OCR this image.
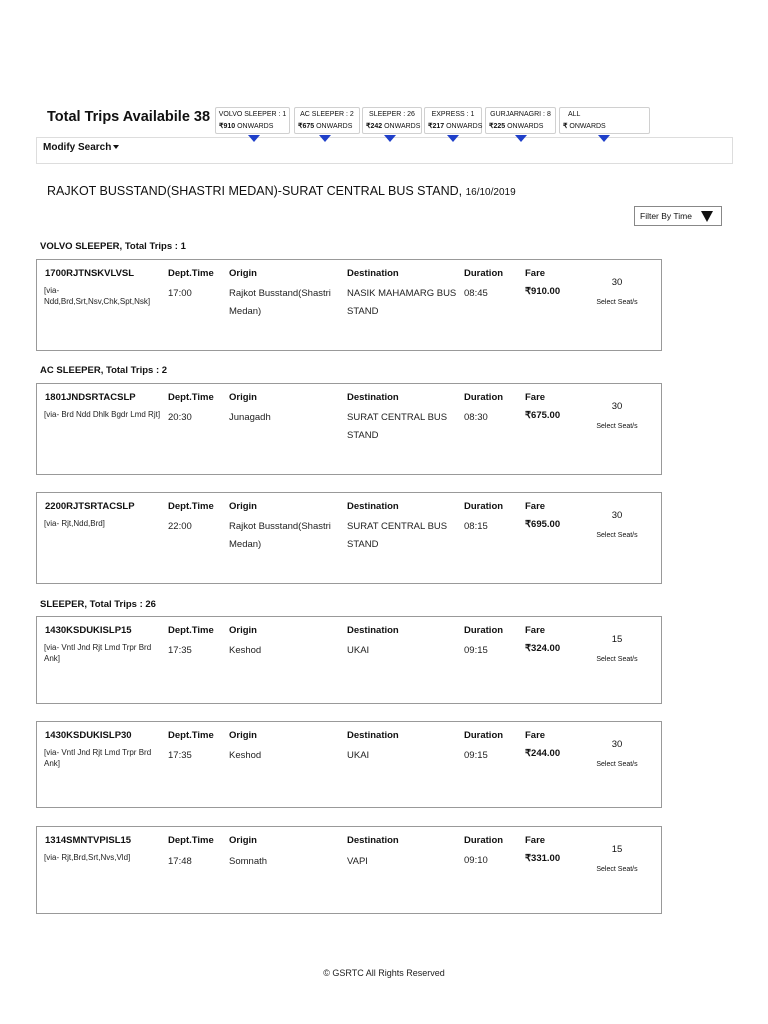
Total Trips Availabile 38	VOLVO SLEEPER : 1
₹910 ONWARDS
AC SLEEPER : 2
₹675 ONWARDS
SLEEPER : 26
₹242 ONWARDS
EXPRESS : 1
₹217 ONWARDS
GURJARNAGRI : 8
₹225 ONWARDS
ALL
₹ ONWARDS
Modify Search
RAJKOT BUSSTAND(SHASTRI MEDAN)-SURAT CENTRAL BUS STAND, 16/10/2019
Filter By Time
VOLVO SLEEPER, Total Trips : 1
1700RJTNSKVLVSL
[via-Ndd,Brd,Srt,Nsv,Chk,Spt,Nsk]
Dept.Time
17:00
Origin
Rajkot Busstand(Shastri Medan)
Destination
NASIK MAHAMARG BUS STAND
Duration
08:45
Fare
₹910.00
30
Select Seat/s
AC SLEEPER, Total Trips : 2
1801JNDSRTACSLP
[via- Brd Ndd Dhlk Bgdr Lmd Rjt]
Dept.Time
20:30
Origin
Junagadh
Destination
SURAT CENTRAL BUS STAND
Duration
08:30
Fare
₹675.00
30
Select Seat/s
2200RJTSRTACSLP
[via- Rjt,Ndd,Brd]
Dept.Time
22:00
Origin
Rajkot Busstand(Shastri Medan)
Destination
SURAT CENTRAL BUS STAND
Duration
08:15
Fare
₹695.00
30
Select Seat/s
SLEEPER, Total Trips : 26
1430KSDUKISLP15
[via- Vntl Jnd Rjt Lmd Trpr Brd Ank]
Dept.Time
17:35
Origin
Keshod
Destination
UKAI
Duration
09:15
Fare
₹324.00
15
Select Seat/s
1430KSDUKISLP30
[via- Vntl Jnd Rjt Lmd Trpr Brd Ank]
Dept.Time
17:35
Origin
Keshod
Destination
UKAI
Duration
09:15
Fare
₹244.00
30
Select Seat/s
1314SMNTVPISL15
[via- Rjt,Brd,Srt,Nvs,Vld]
Dept.Time
17:48
Origin
Somnath
Destination
VAPI
Duration
09:10
Fare
₹331.00
15
Select Seat/s
© GSRTC All Rights Reserved
